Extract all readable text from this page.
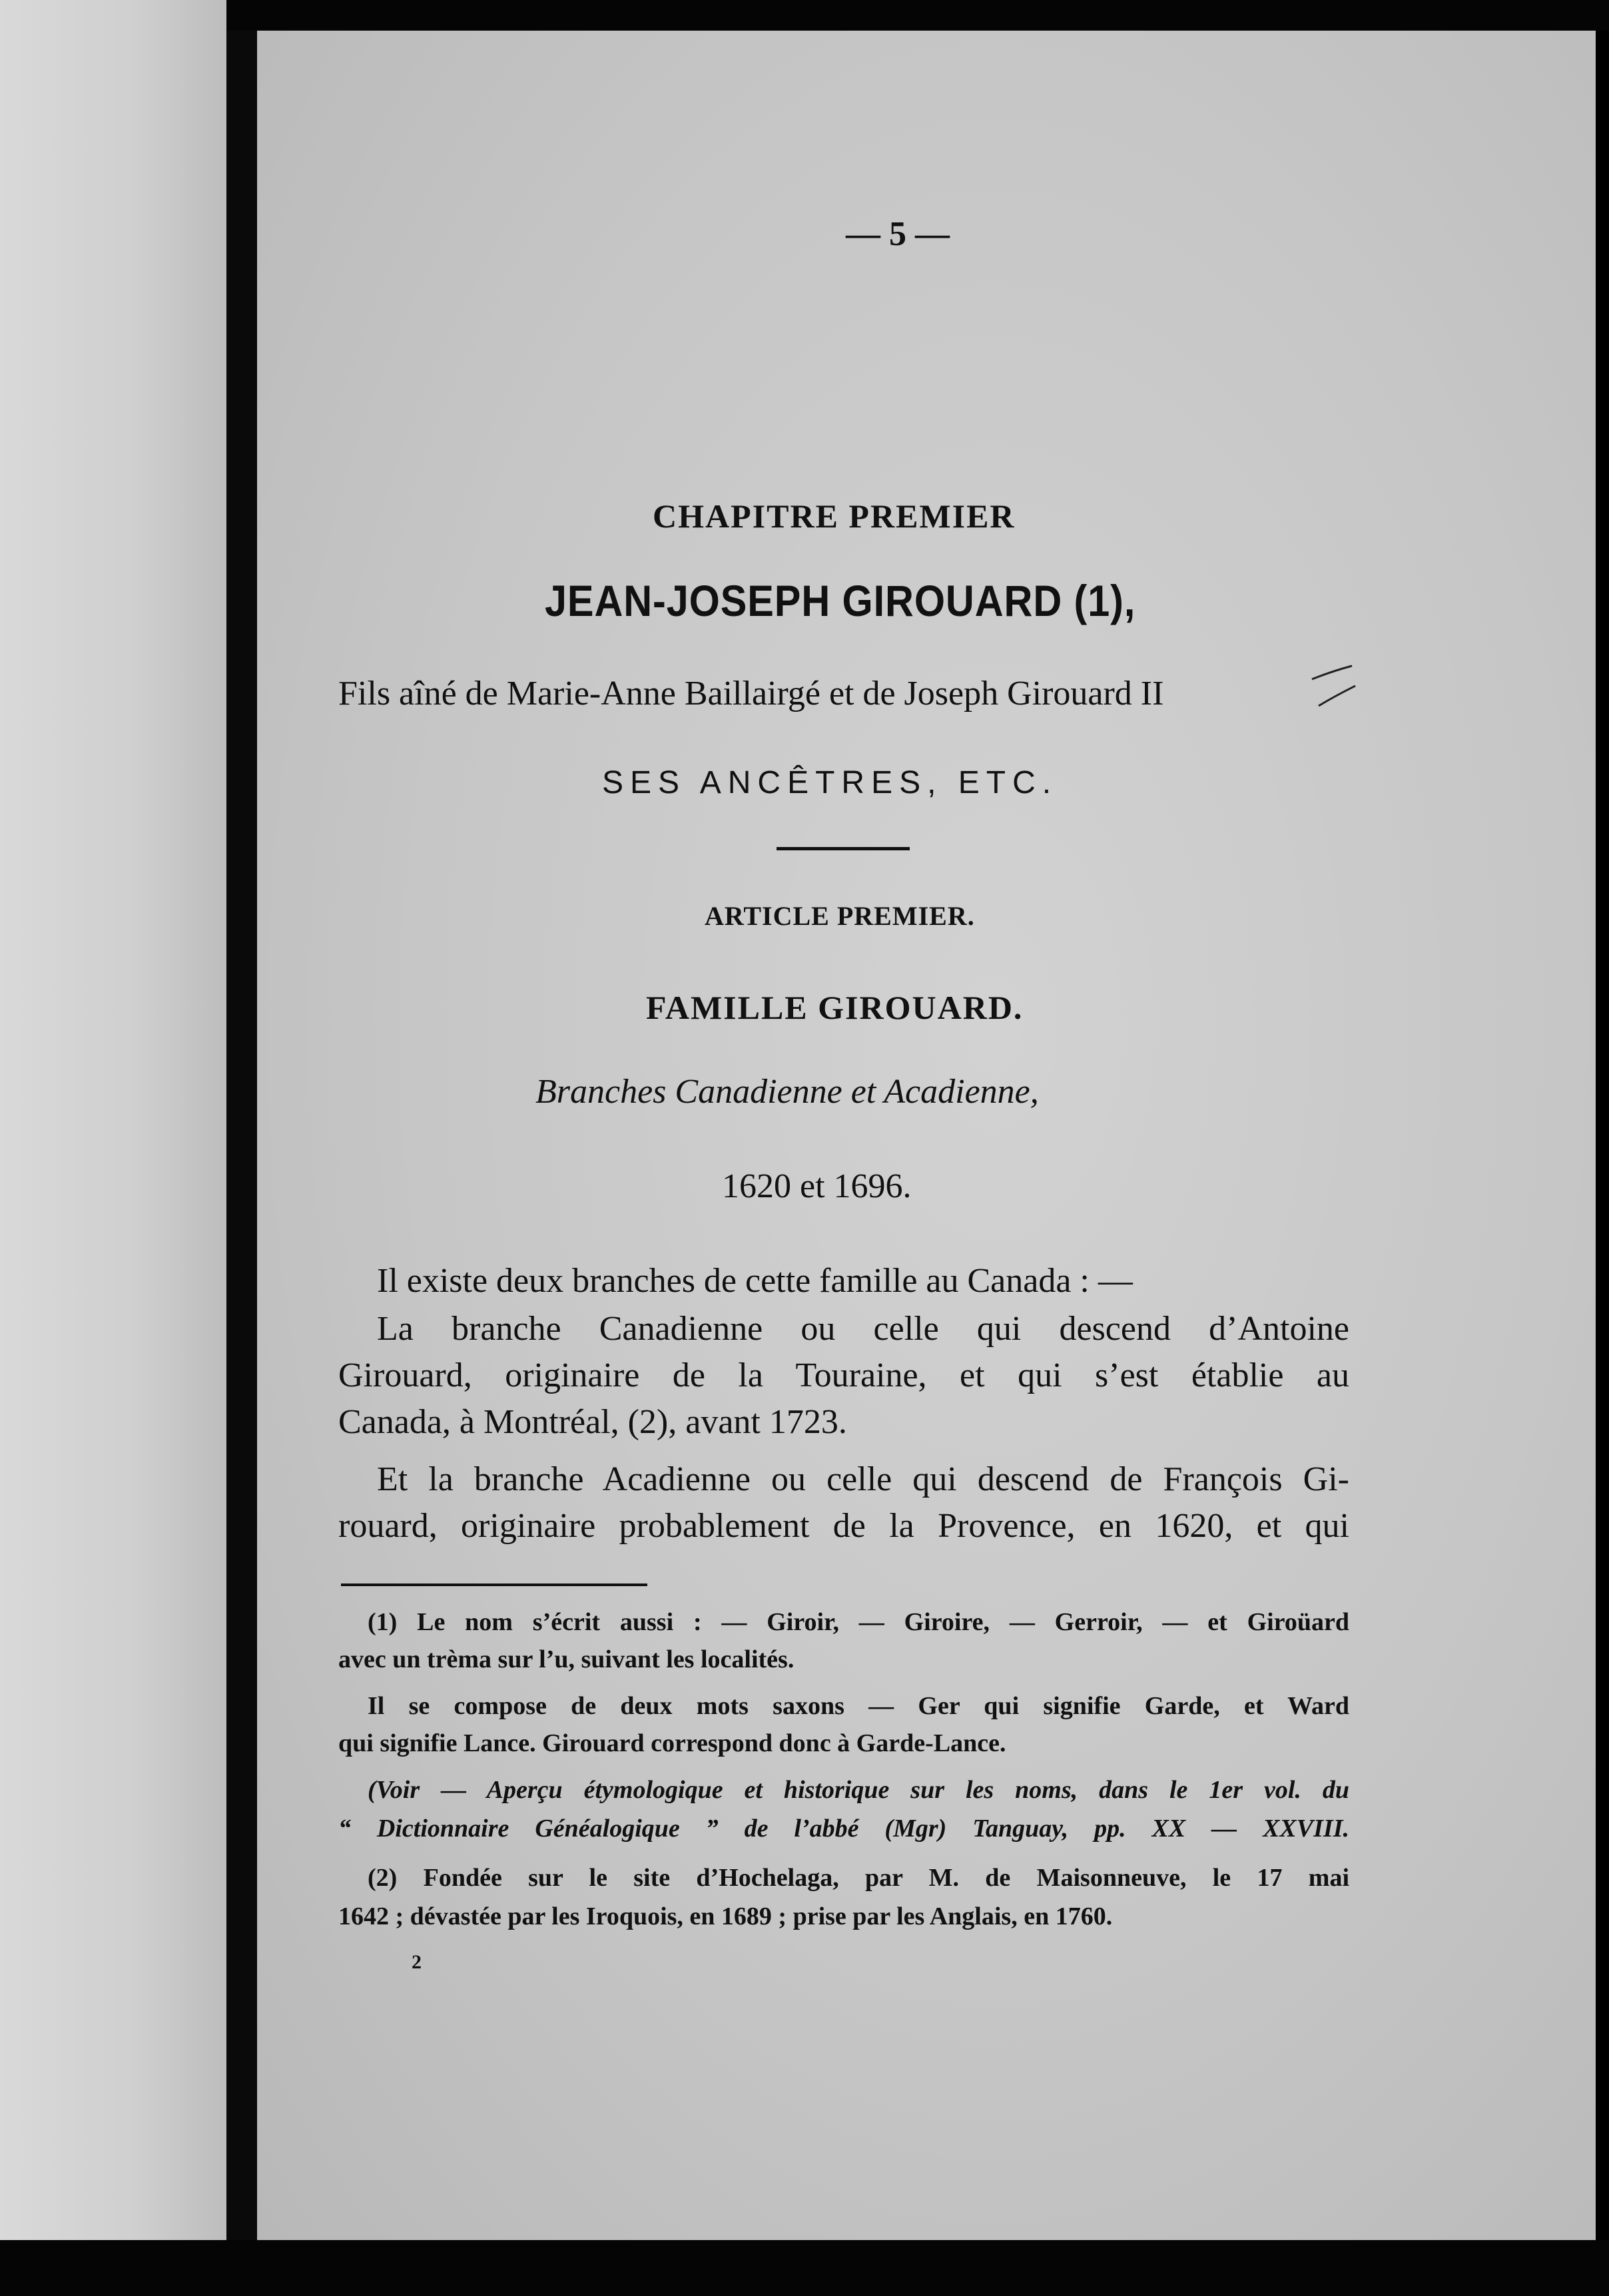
— 5 —
CHAPITRE PREMIER
JEAN-JOSEPH GIROUARD (1),
Fils aîné de Marie-Anne Baillairgé et de Joseph Girouard II
SES ANCÊTRES, ETC.
ARTICLE PREMIER.
FAMILLE GIROUARD.
Branches Canadienne et Acadienne,
1620 et 1696.
Il existe deux branches de cette famille au Canada : —
La branche Canadienne ou celle qui descend d’Antoine
Girouard, originaire de la Touraine, et qui s’est établie au
Canada, à Montréal, (2), avant 1723.
Et la branche Acadienne ou celle qui descend de François Gi-
rouard, originaire probablement de la Provence, en 1620, et qui
(1) Le nom s’écrit aussi : — Giroir, — Giroire, — Gerroir, — et Giroüard
avec un trèma sur l’u, suivant les localités.
Il se compose de deux mots saxons — Ger qui signifie Garde, et Ward
qui signifie Lance. Girouard correspond donc à Garde-Lance.
(Voir — Aperçu étymologique et historique sur les noms, dans le 1er vol. du
“ Dictionnaire Généalogique ” de l’abbé (Mgr) Tanguay, pp. XX — XXVIII.
(2) Fondée sur le site d’Hochelaga, par M. de Maisonneuve, le 17 mai
1642 ; dévastée par les Iroquois, en 1689 ; prise par les Anglais, en 1760.
2
